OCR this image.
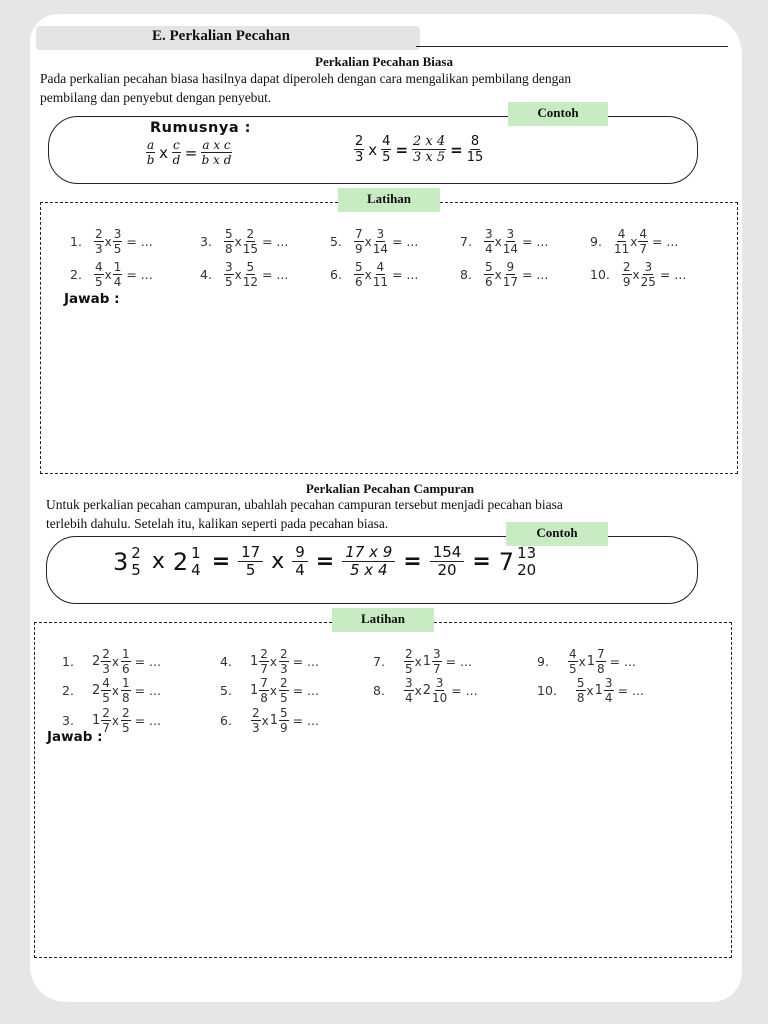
E. Perkalian Pecahan
Perkalian Pecahan Biasa
Pada perkalian pecahan biasa hasilnya dapat diperoleh dengan cara mengalikan pembilang dengan
pembilang dan penyebut dengan penyebut.
Contoh
Rumusnya :
$\frac{a}{b}$ x $\frac{c}{d} = \frac{\text{a x c}}{\text{b x d}}$	$\frac{2}{3}$ x $\frac{4}{5} = \frac{2 x 4}{3 x 5} = \frac{8}{15}$
Latihan
1. $\frac{2}{3}$ x $\frac{3}{5}$ = ...
2. $\frac{4}{5}$ x $\frac{1}{4}$ = ...
3. $\frac{5}{8}$ x $\frac{2}{15}$ = ...
4. $\frac{3}{5}$ x $\frac{5}{12}$ = ...
5. $\frac{7}{9}$ x $\frac{3}{14}$ = ...
6. $\frac{5}{6}$ x $\frac{4}{11}$ = ...
7. $\frac{3}{4}$ x $\frac{3}{14}$ = ...
8. $\frac{5}{6}$ x $\frac{9}{17}$ = ...
9. $\frac{4}{11}$ x $\frac{4}{7}$ = ...
10. $\frac{2}{9}$ x $\frac{3}{25}$ = ...
Jawab :
Perkalian Pecahan Campuran
Untuk perkalian pecahan campuran, ubahlah pecahan campuran tersebut menjadi pecahan biasa
terlebih dahulu. Setelah itu, kalikan seperti pada pecahan biasa.
Contoh
3 2
5 x 2 1
$4 = \frac{17}{5}$ x $\frac{9}{4} = \frac{17 x 9}{5 x 4} = \frac{154}{20} = 7$ 13
20
Latihan
1. $2 \frac{2}{3}$ x $\frac{1}{6}$ = ...
2. $2 \frac{4}{5}$ x $\frac{1}{8}$ = ...
3. $1 \frac{2}{7}$ x $\frac{2}{5}$ = ...
4. $1 \frac{2}{7}$ x $\frac{2}{3}$ = ...
5. $1 \frac{7}{8}$ x $\frac{2}{5}$ = ...
6. $\frac{2}{3}$ x $1 \frac{5}{9}$ = ...
7. $\frac{2}{5}$ x $1 \frac{3}{7}$ = ...
8. $\frac{3}{4}$ x $2 \frac{3}{10}$ = ...
9. $\frac{4}{5}$ x $1 \frac{7}{8}$ = ...
10. $\frac{5}{8}$ x $1 \frac{3}{4}$ = ...
Jawab :
